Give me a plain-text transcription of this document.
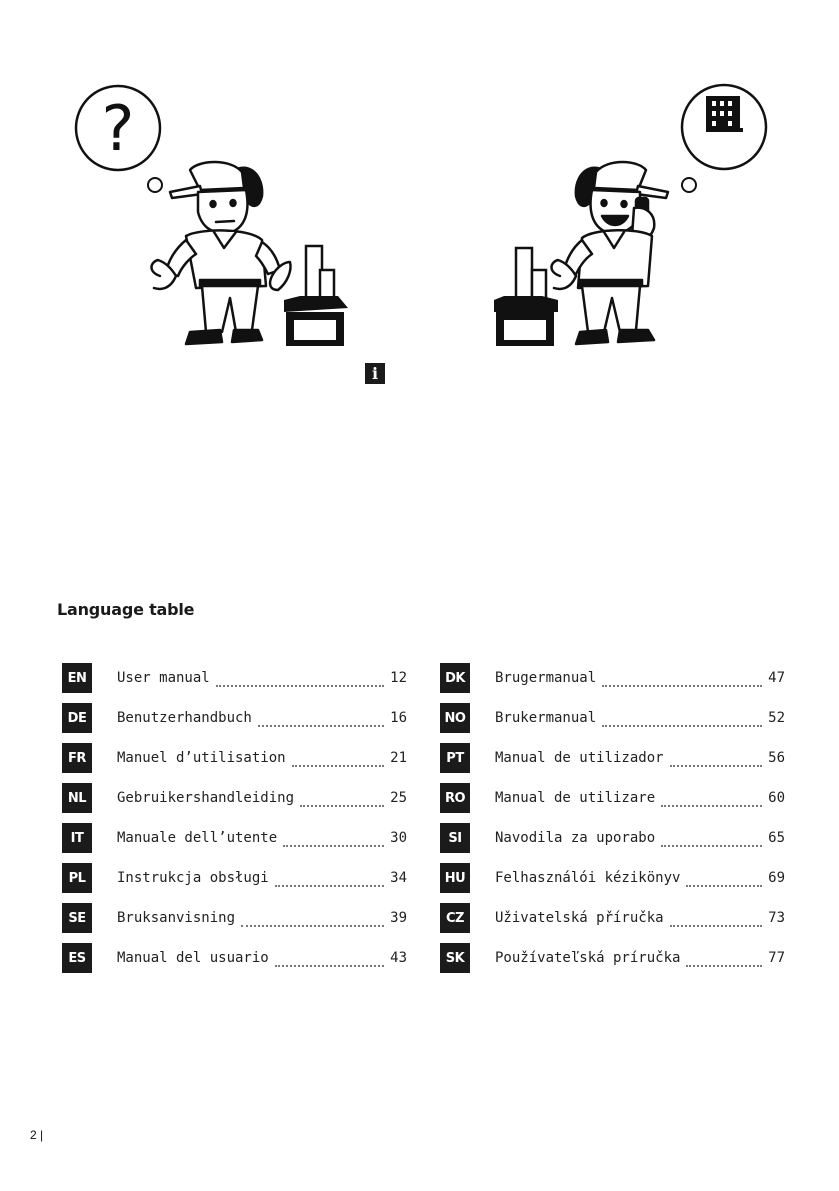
?
i
Language table
EN	User manual	12
DE	Benutzerhandbuch	16
FR	Manuel d’utilisation	21
NL	Gebruikershandleiding	25
IT	Manuale dell’utente	30
PL	Instrukcja obsługi	34
SE	Bruksanvisning	39
ES	Manual del usuario	43
DK	Brugermanual	47
NO	Brukermanual	52
PT	Manual de utilizador	56
RO	Manual de utilizare	60
SI	Navodila za uporabo	65
HU	Felhasználói kézikönyv	69
CZ	Uživatelská příručka	73
SK	Používateľská príručka	77
2 |
